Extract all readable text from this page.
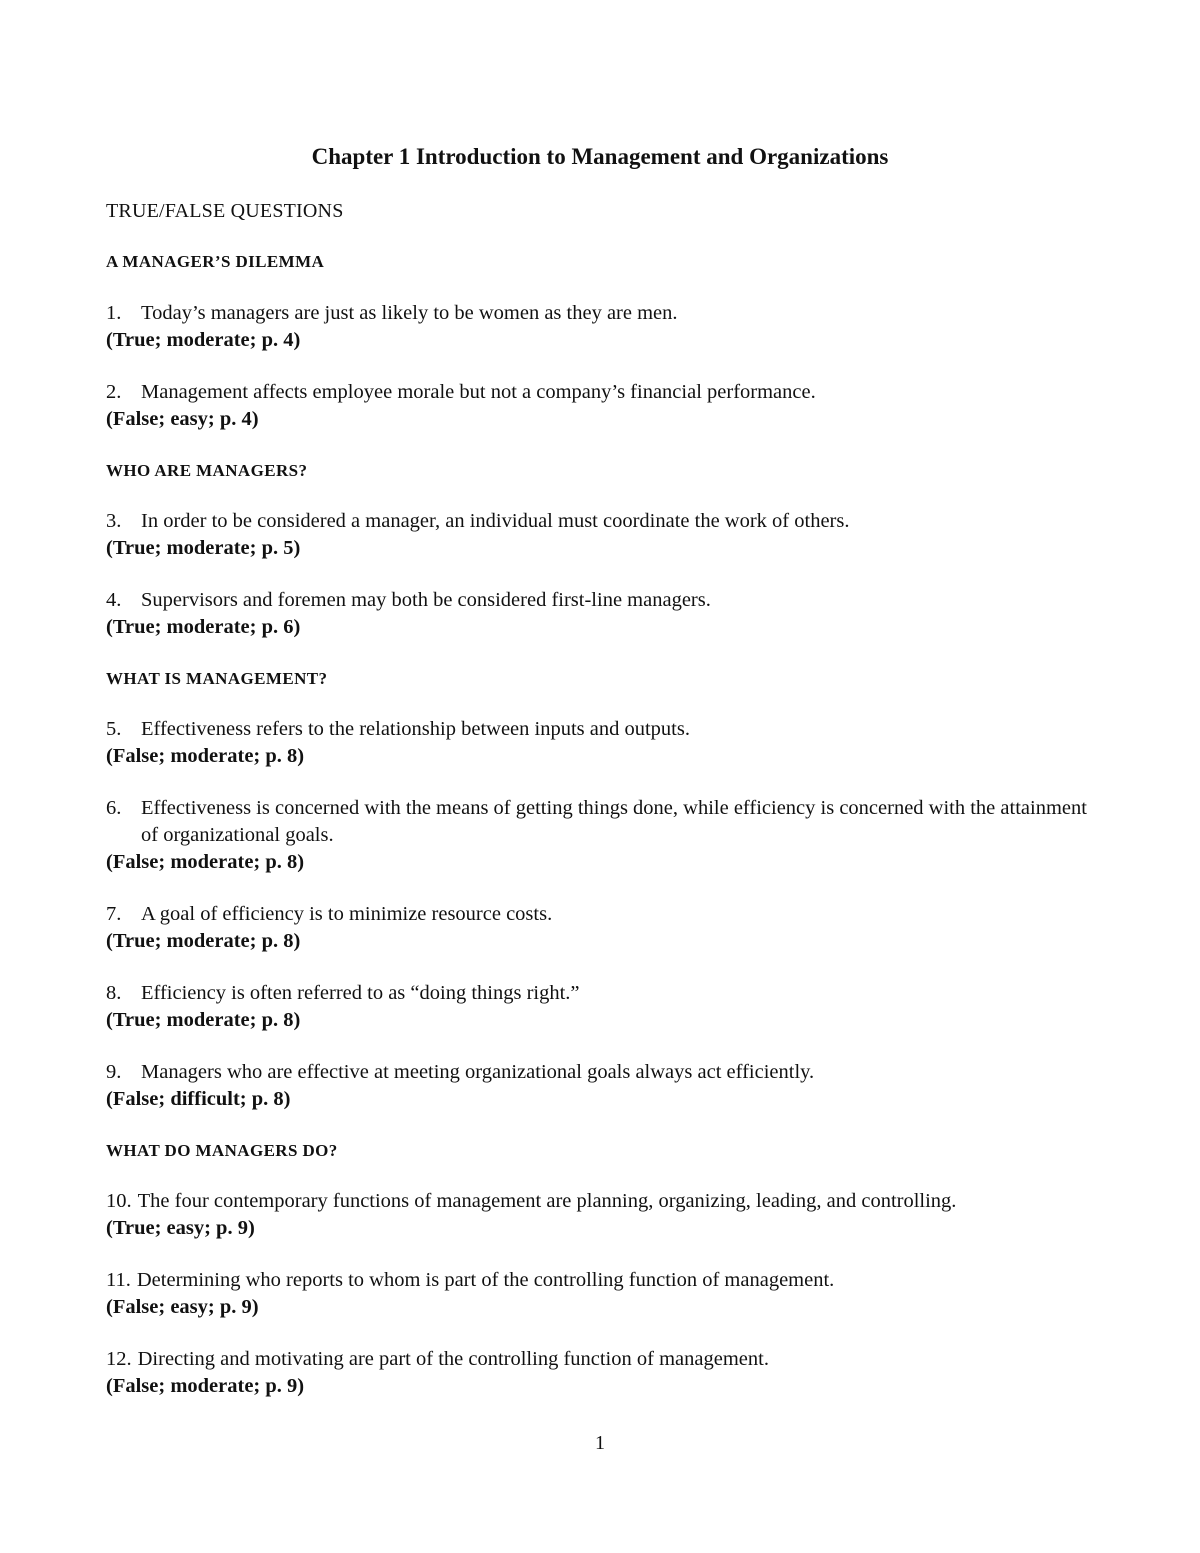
Chapter 1 Introduction to Management and Organizations

TRUE/FALSE QUESTIONS

A MANAGER’S DILEMMA

1. Today’s managers are just as likely to be women as they are men.

(True; moderate; p. 4)

2. Management affects employee morale but not a company’s financial performance.

(False; easy; p. 4)

WHO ARE MANAGERS?

3. In order to be considered a manager, an individual must coordinate the work of others.

(True; moderate; p. 5)

4. Supervisors and foremen may both be considered first-line managers.

(True; moderate; p. 6)

WHAT IS MANAGEMENT?

5. Effectiveness refers to the relationship between inputs and outputs.

(False; moderate; p. 8)

6. Effectiveness is concerned with the means of getting things done, while efficiency is concerned with the attainment of organizational goals.

(False; moderate; p. 8)

7. A goal of efficiency is to minimize resource costs.

(True; moderate; p. 8)

8. Efficiency is often referred to as “doing things right.”

(True; moderate; p. 8)

9. Managers who are effective at meeting organizational goals always act efficiently.

(False; difficult; p. 8)

WHAT DO MANAGERS DO?

10. The four contemporary functions of management are planning, organizing, leading, and controlling.

(True; easy; p. 9)

11. Determining who reports to whom is part of the controlling function of management.

(False; easy; p. 9)

12. Directing and motivating are part of the controlling function of management.

(False; moderate; p. 9)

1
